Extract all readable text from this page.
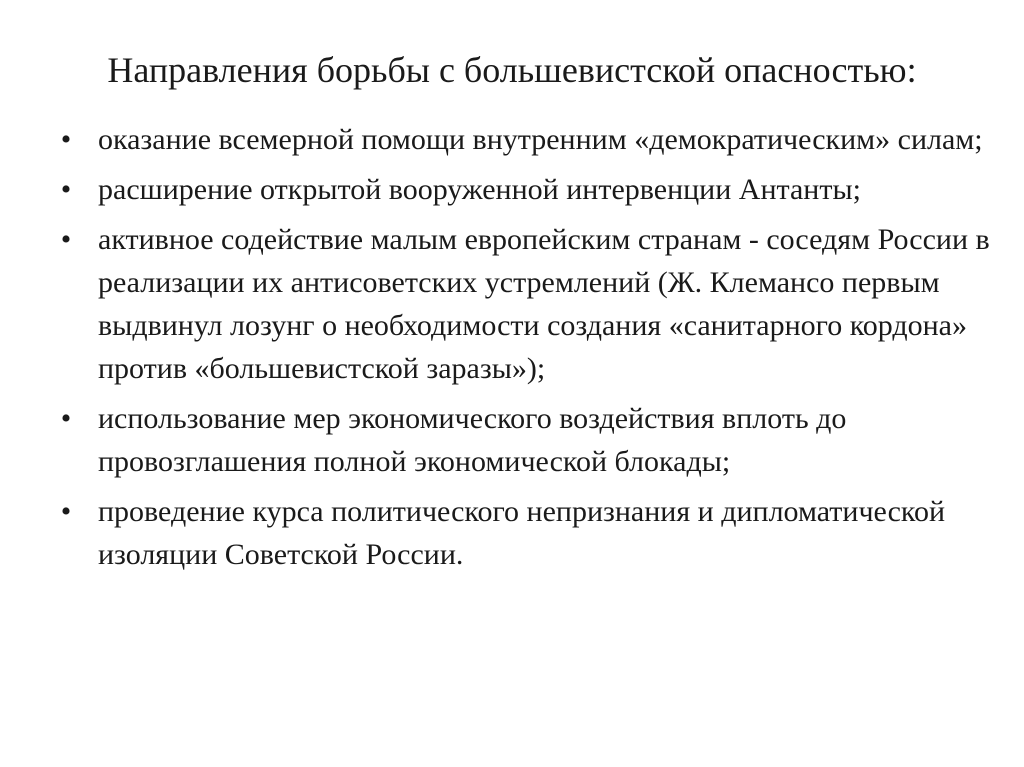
Направления борьбы с большевистской опасностью:
• оказание всемерной помощи внутренним «демократическим» силам;
• расширение открытой вооруженной интервенции Антанты;
• активное содействие малым европейским странам - соседям России в реализации их антисоветских устремлений (Ж. Клемансо первым выдвинул лозунг о необходимости создания «санитарного кордона» против «большевистской заразы»);
• использование мер экономического воздействия вплоть до провозглашения полной экономической блокады;
• проведение курса политического непризнания и дипломатической изоляции Советской России.
